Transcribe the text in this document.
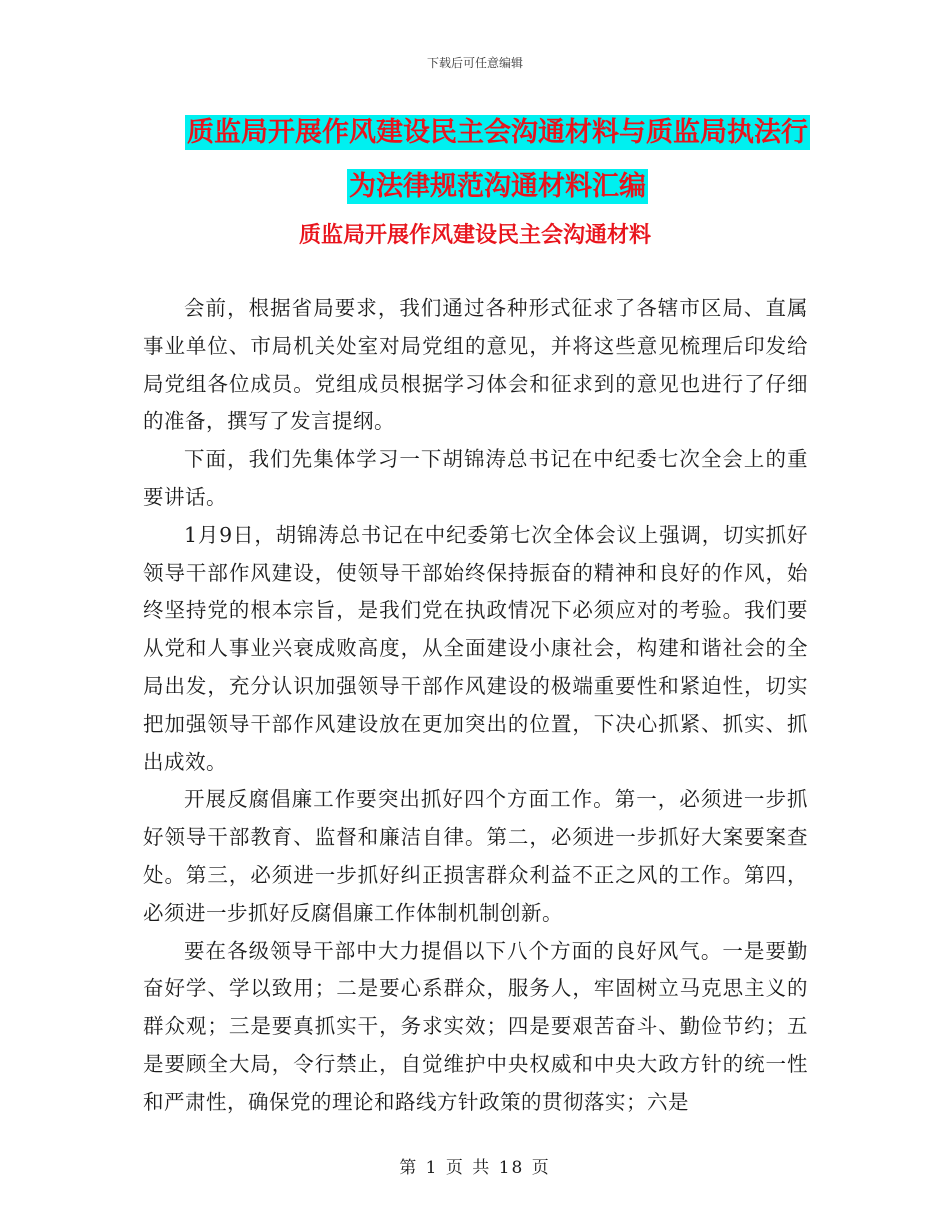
下载后可任意编辑
质监局开展作风建设民主会沟通材料与质监局执法行
为法律规范沟通材料汇编
质监局开展作风建设民主会沟通材料

会前，根据省局要求，我们通过各种形式征求了各辖市区局、直属事业单位、市局机关处室对局党组的意见，并将这些意见梳理后印发给局党组各位成员。党组成员根据学习体会和征求到的意见也进行了仔细的准备，撰写了发言提纲。

下面，我们先集体学习一下胡锦涛总书记在中纪委七次全会上的重要讲话。

1月9日，胡锦涛总书记在中纪委第七次全体会议上强调，切实抓好领导干部作风建设，使领导干部始终保持振奋的精神和良好的作风，始终坚持党的根本宗旨，是我们党在执政情况下必须应对的考验。我们要从党和人事业兴衰成败高度，从全面建设小康社会，构建和谐社会的全局出发，充分认识加强领导干部作风建设的极端重要性和紧迫性，切实把加强领导干部作风建设放在更加突出的位置，下决心抓紧、抓实、抓出成效。

开展反腐倡廉工作要突出抓好四个方面工作。第一，必须进一步抓好领导干部教育、监督和廉洁自律。第二，必须进一步抓好大案要案查处。第三，必须进一步抓好纠正损害群众利益不正之风的工作。第四，必须进一步抓好反腐倡廉工作体制机制创新。

要在各级领导干部中大力提倡以下八个方面的良好风气。一是要勤奋好学、学以致用；二是要心系群众，服务人，牢固树立马克思主义的群众观；三是要真抓实干，务求实效；四是要艰苦奋斗、勤俭节约；五是要顾全大局，令行禁止，自觉维护中央权威和中央大政方针的统一性和严肃性，确保党的理论和路线方针政策的贯彻落实；六是

第 1 页 共 18 页
